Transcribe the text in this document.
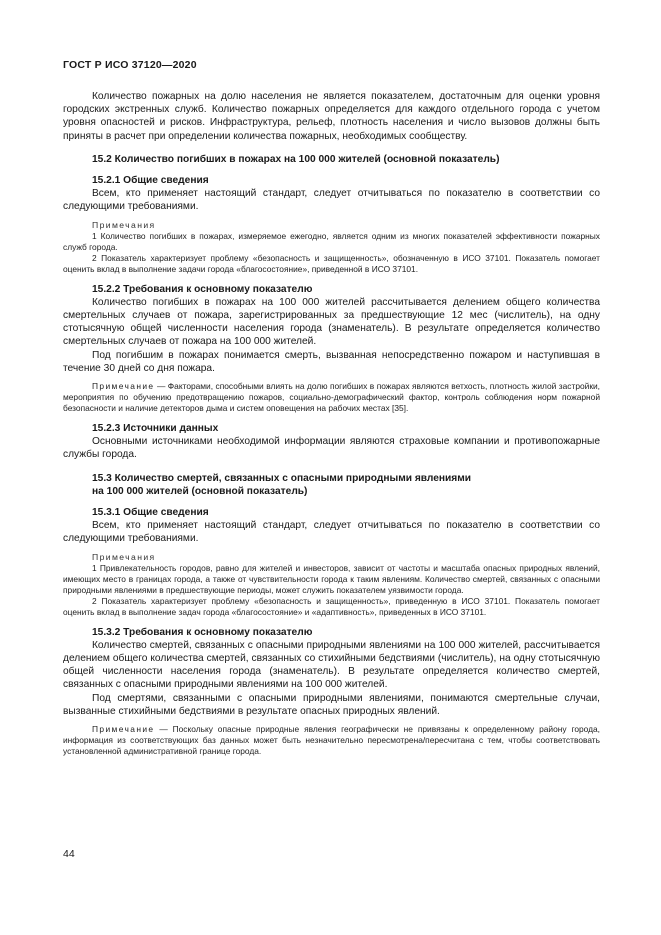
ГОСТ Р ИСО 37120—2020

Количество пожарных на долю населения не является показателем, достаточным для оценки уровня городских экстренных служб. Количество пожарных определяется для каждого отдельного города с учетом уровня опасностей и рисков. Инфраструктура, рельеф, плотность населения и число вызовов должны быть приняты в расчет при определении количества пожарных, необходимых сообществу.

15.2 Количество погибших в пожарах на 100 000 жителей (основной показатель)

15.2.1 Общие сведения

Всем, кто применяет настоящий стандарт, следует отчитываться по показателю в соответствии со следующими требованиями.

Примечания

1 Количество погибших в пожарах, измеряемое ежегодно, является одним из многих показателей эффективности пожарных служб города.

2 Показатель характеризует проблему «безопасность и защищенность», обозначенную в ИСО 37101. Показатель помогает оценить вклад в выполнение задачи города «благосостояние», приведенной в ИСО 37101.

15.2.2 Требования к основному показателю

Количество погибших в пожарах на 100 000 жителей рассчитывается делением общего количества смертельных случаев от пожара, зарегистрированных за предшествующие 12 мес (числитель), на одну стотысячную общей численности населения города (знаменатель). В результате определяется количество смертельных случаев от пожара на 100 000 жителей.

Под погибшим в пожарах понимается смерть, вызванная непосредственно пожаром и наступившая в течение 30 дней со дня пожара.

Примечание — Факторами, способными влиять на долю погибших в пожарах являются ветхость, плотность жилой застройки, мероприятия по обучению предотвращению пожаров, социально-демографический фактор, контроль соблюдения норм пожарной безопасности и наличие детекторов дыма и систем оповещения на рабочих местах [35].

15.2.3 Источники данных

Основными источниками необходимой информации являются страховые компании и противопожарные службы города.

15.3 Количество смертей, связанных с опасными природными явлениями

на 100 000 жителей (основной показатель)

15.3.1 Общие сведения

Всем, кто применяет настоящий стандарт, следует отчитываться по показателю в соответствии со следующими требованиями.

Примечания

1 Привлекательность городов, равно для жителей и инвесторов, зависит от частоты и масштаба опасных природных явлений, имеющих место в границах города, а также от чувствительности города к таким явлениям. Количество смертей, связанных с опасными природными явлениями в предшествующие периоды, может служить показателем уязвимости города.

2 Показатель характеризует проблему «безопасность и защищенность», приведенную в ИСО 37101. Показатель помогает оценить вклад в выполнение задач города «благосостояние» и «адаптивность», приведенных в ИСО 37101.

15.3.2 Требования к основному показателю

Количество смертей, связанных с опасными природными явлениями на 100 000 жителей, рассчитывается делением общего количества смертей, связанных со стихийными бедствиями (числитель), на одну стотысячную общей численности населения города (знаменатель). В результате определяется количество смертей, связанных с опасными природными явлениями на 100 000 жителей.

Под смертями, связанными с опасными природными явлениями, понимаются смертельные случаи, вызванные стихийными бедствиями в результате опасных природных явлений.

Примечание — Поскольку опасные природные явления географически не привязаны к определенному району города, информация из соответствующих баз данных может быть незначительно пересмотрена/пересчитана с тем, чтобы соответствовать установленной административной границе города.

44
